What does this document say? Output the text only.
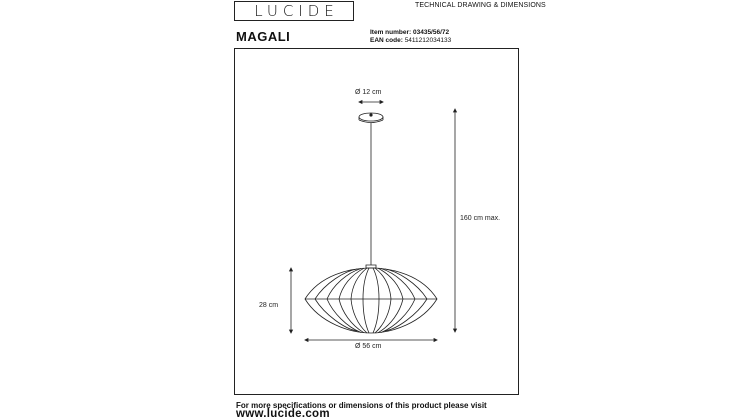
LUCIDE	TECHNICAL DRAWING & DIMENSIONS
MAGALI	Item number: 03435/56/72
EAN code: 5411212034133
Ø 12 cm
160 cm max.
28 cm
Ø 56 cm
For more specifications or dimensions of this product please visit
www.lucide.com
